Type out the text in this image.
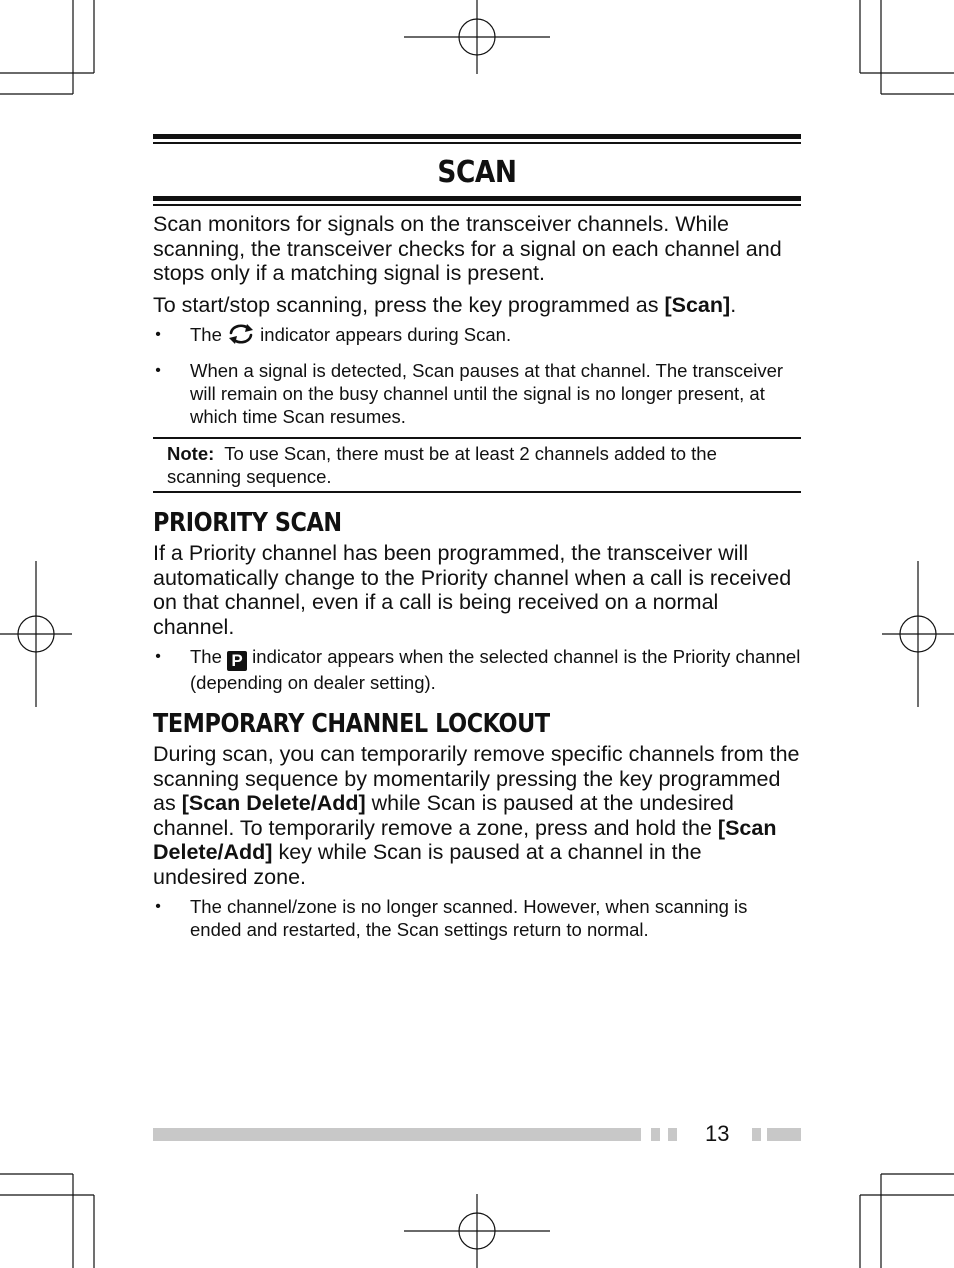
SCAN

Scan monitors for signals on the transceiver channels. While scanning, the transceiver checks for a signal on each channel and stops only if a matching signal is present.

To start/stop scanning, press the key programmed as [Scan].

• The  indicator appears during Scan.
• When a signal is detected, Scan pauses at that channel. The transceiver will remain on the busy channel until the signal is no longer present, at which time Scan resumes.
Note:  To use Scan, there must be at least 2 channels added to the scanning sequence.
PRIORITY SCAN

If a Priority channel has been programmed, the transceiver will automatically change to the Priority channel when a call is received on that channel, even if a call is being received on a normal channel.

• The P indicator appears when the selected channel is the Priority channel (depending on dealer setting).
TEMPORARY CHANNEL LOCKOUT

During scan, you can temporarily remove specific channels from the scanning sequence by momentarily pressing the key programmed as [Scan Delete/Add] while Scan is paused at the undesired channel. To temporarily remove a zone, press and hold the [Scan Delete/Add] key while Scan is paused at a channel in the undesired zone.

• The channel/zone is no longer scanned. However, when scanning is ended and restarted, the Scan settings return to normal.
13
